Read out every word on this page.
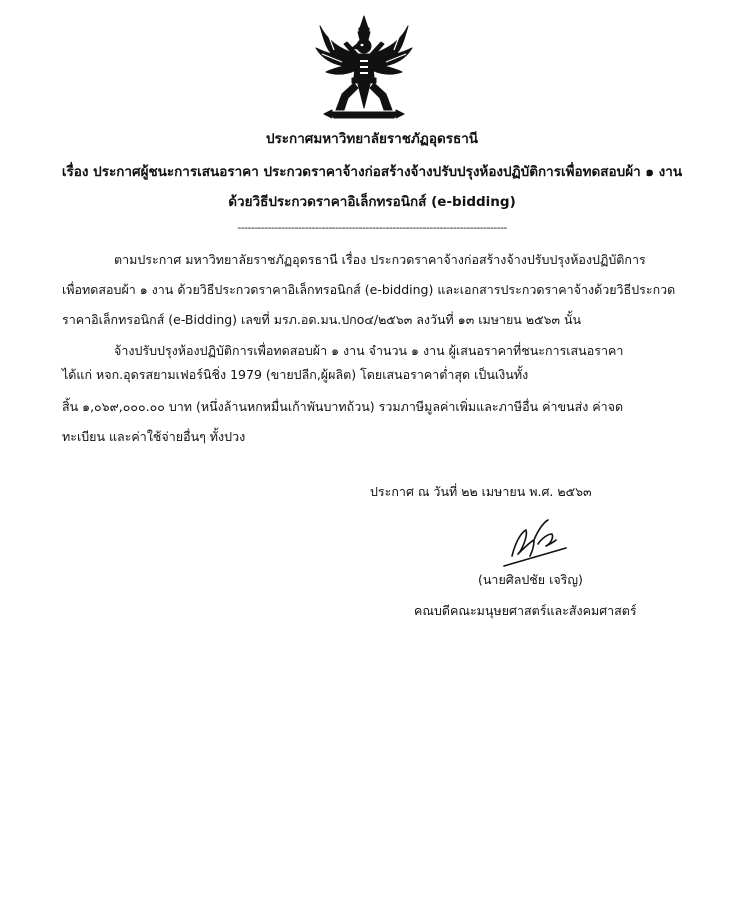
ประกาศมหาวิทยาลัยราชภัฏอุดรธานี
เรื่อง ประกาศผู้ชนะการเสนอราคา ประกวดราคาจ้างก่อสร้างจ้างปรับปรุงห้องปฏิบัติการเพื่อทดสอบผ้า ๑ งาน
ด้วยวิธีประกวดราคาอิเล็กทรอนิกส์ (e-bidding)
--------------------------------------------------------------------------------
ตามประกาศ มหาวิทยาลัยราชภัฏอุดรธานี เรื่อง ประกวดราคาจ้างก่อสร้างจ้างปรับปรุงห้องปฏิบัติการ
เพื่อทดสอบผ้า ๑ งาน ด้วยวิธีประกวดราคาอิเล็กทรอนิกส์ (e-bidding) และเอกสารประกวดราคาจ้างด้วยวิธีประกวด
ราคาอิเล็กทรอนิกส์ (e-Bidding) เลขที่ มรภ.อด.มน.ปกo๔/๒๕๖๓ ลงวันที่ ๑๓ เมษายน ๒๕๖๓ นั้น
จ้างปรับปรุงห้องปฏิบัติการเพื่อทดสอบผ้า ๑ งาน จำนวน ๑ งาน ผู้เสนอราคาที่ชนะการเสนอราคา
ได้แก่ หจก.อุดรสยามเฟอร์นิชิ่ง 1979 (ขายปลีก,ผู้ผลิต) โดยเสนอราคาต่ำสุด เป็นเงินทั้ง
สิ้น ๑,๐๖๙,๐๐๐.๐๐ บาท (หนึ่งล้านหกหมื่นเก้าพันบาทถ้วน) รวมภาษีมูลค่าเพิ่มและภาษีอื่น ค่าขนส่ง ค่าจด
ทะเบียน และค่าใช้จ่ายอื่นๆ ทั้งปวง
ประกาศ ณ วันที่ ๒๒ เมษายน พ.ศ. ๒๕๖๓
(นายศิลปชัย เจริญ)
คณบดีคณะมนุษยศาสตร์และสังคมศาสตร์
